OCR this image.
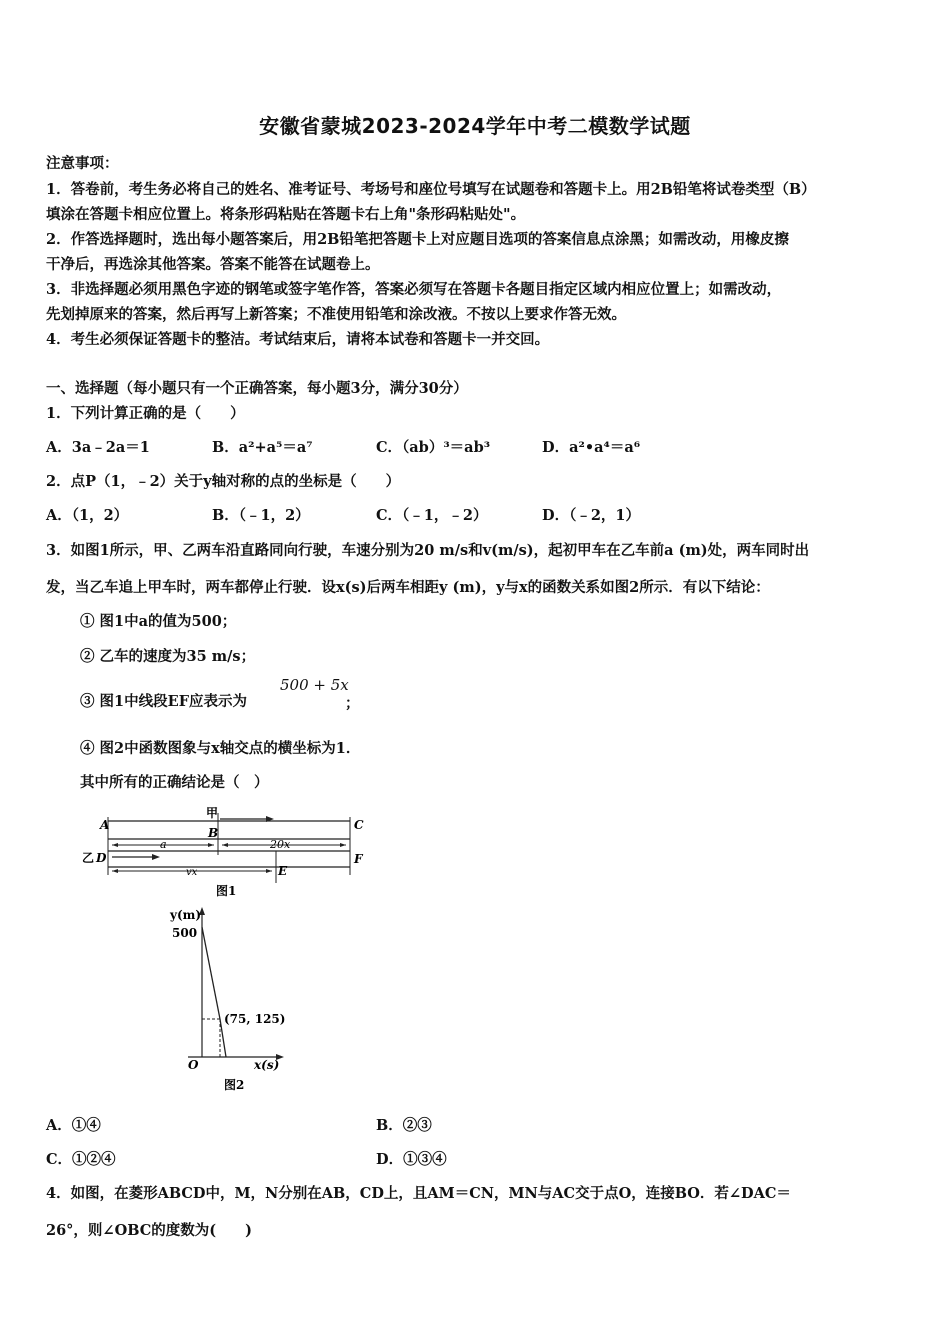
安徽省蒙城2023-2024学年中考二模数学试题
注意事项：
1．答卷前，考生务必将自己的姓名、准考证号、考场号和座位号填写在试题卷和答题卡上。用2B铅笔将试卷类型（B）
填涂在答题卡相应位置上。将条形码粘贴在答题卡右上角"条形码粘贴处"。
2．作答选择题时，选出每小题答案后，用2B铅笔把答题卡上对应题目选项的答案信息点涂黑；如需改动，用橡皮擦
干净后，再选涂其他答案。答案不能答在试题卷上。
3．非选择题必须用黑色字迹的钢笔或签字笔作答，答案必须写在答题卡各题目指定区域内相应位置上；如需改动，
先划掉原来的答案，然后再写上新答案；不准使用铅笔和涂改液。不按以上要求作答无效。
4．考生必须保证答题卡的整洁。考试结束后，请将本试卷和答题卡一并交回。
一、选择题（每小题只有一个正确答案，每小题3分，满分30分）
1．下列计算正确的是（　　）
A．3a﹣2a＝1	B．a²+a⁵＝a⁷	C．（ab）³＝ab³	D．a²•a⁴＝a⁶
2．点P（1，﹣2）关于y轴对称的点的坐标是（　　）
A．（1，2）	B．（﹣1，2）	C．（﹣1，﹣2）	D．（﹣2，1）
3．如图1所示，甲、乙两车沿直路同向行驶，车速分别为20 m/s和v(m/s)，起初甲车在乙车前a (m)处，两车同时出
发，当乙车追上甲车时，两车都停止行驶．设x(s)后两车相距y (m)，y与x的函数关系如图2所示．有以下结论：
① 图1中a的值为500；
② 乙车的速度为35 m/s；
③ 图1中线段EF应表示为
500 + 5x
；
④ 图2中函数图象与x轴交点的横坐标为1．
其中所有的正确结论是（　）
甲
A
B
C
乙 D	F
E
a	20x
vx
图1
y(m)
500
(75, 125)
O	x(s)
图2
A．①④	B．②③
C．①②④	D．①③④
4．如图，在菱形ABCD中，M，N分别在AB，CD上，且AM＝CN，MN与AC交于点O，连接BO．若∠DAC＝
26°，则∠OBC的度数为(　　)
